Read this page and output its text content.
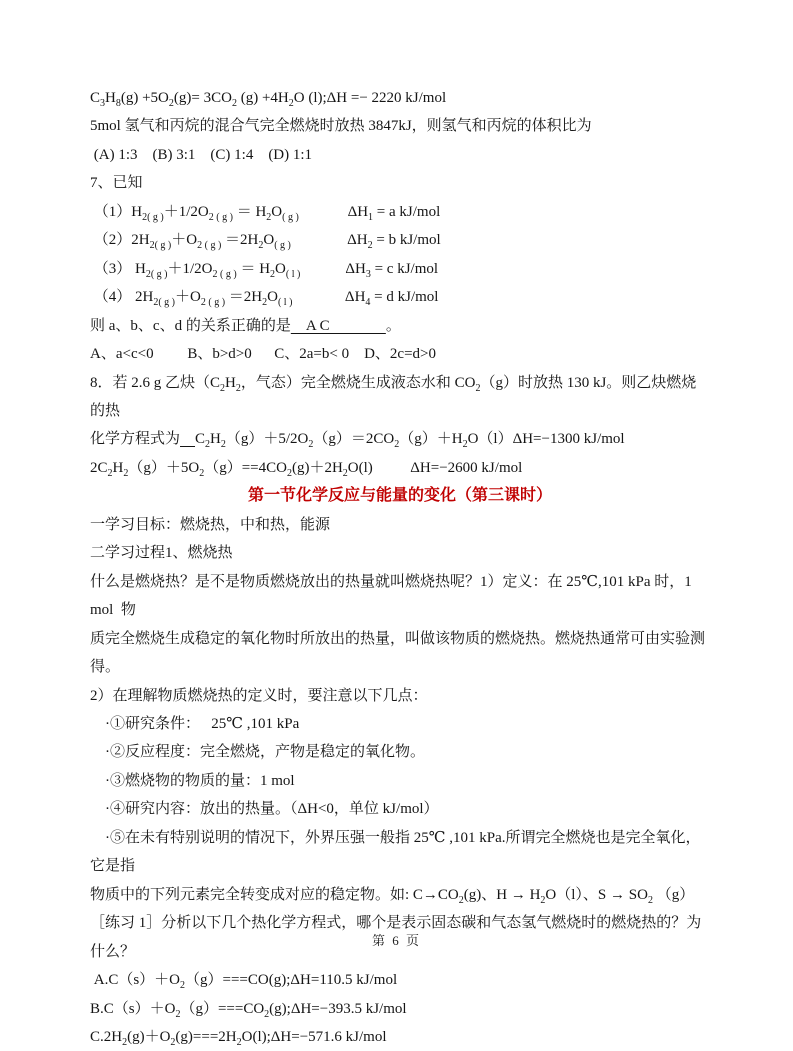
$C_3H_8(g) +5O_2(g)= 3CO_2$ $(g) +4H_2O$ (l);ΔH =− 2220 kJ/mol
5mol 氢气和丙烷的混合气完全燃烧时放热 3847kJ，则氢气和丙烷的体积比为
(A) 1:3    (B) 3:1    (C) 1:4    (D) 1:1
7、已知
$(1)H_{2( g )}+1/2O_{2 ( g )} = H_2O_{( g )}$             $\Delta H_1 = a$ kJ/mol
$(2)2H_{2( g )}+O_{2 ( g )} =2H_2O_{( g )}$               $\Delta H_2 = b$ kJ/mol
（3） $H_{2( g )}+1/2O_{2 ( g )} = H_2O_{( l )}$            $\Delta H_3 = c$ kJ/mol
（4） $2H_{2( g )}+O_{2 ( g )} =2H_2O_{( l )}$              $\Delta H_4 = d$ kJ/mol
则 a、b、c、d 的关系正确的是    A C               。
A、a<c<0         B、b>d>0      C、2a=b< 0    D、2c=d>0
8．若 2.6 g 乙炔（$C_2H_2$，气态）完全燃烧生成液态水和 $CO_2(g)$时放热 130 kJ。则乙炔燃烧的热
化学方程式为 $C_2H_2(g)+5/2O_2(g)=2CO_2(g)+H_2O(l)\Delta H=-1300$ kJ/mol
$2C_2H_2(g)+5O_2(g)==4CO_2(g)+2H_2O(l)$          ΔH=−2600 kJ/mol
第一节化学反应与能量的变化（第三课时）
一学习目标：燃烧热，中和热，能源
二学习过程1、燃烧热
什么是燃烧热？是不是物质燃烧放出的热量就叫燃烧热呢？1）定义：在 25℃,101 kPa 时，1 mol  物
质完全燃烧生成稳定的氧化物时所放出的热量，叫做该物质的燃烧热。燃烧热通常可由实验测得。
2）在理解物质燃烧热的定义时，要注意以下几点：
·①研究条件：   25℃ ,101 kPa
·②反应程度：完全燃烧，产物是稳定的氧化物。
·③燃烧物的物质的量：1 mol
·④研究内容：放出的热量。（ΔH<0，单位 kJ/mol）
·⑤在未有特别说明的情况下，外界压强一般指 25℃ ,101 kPa.所谓完全燃烧也是完全氧化，它是指
物质中的下列元素完全转变成对应的稳定物。如: $C\to CO_2(g)$、$H \to H_2O(l)$、$S \to SO_2$ （g）
［练习 1］分析以下几个热化学方程式，哪个是表示固态碳和气态氢气燃烧时的燃烧热的？为什么？
$A.C(s)+O_2(g)===CO(g);\Delta H=110.5$ kJ/mol
$B.C(s)+O_2(g)===CO_2(g);\Delta H=-393.5$ kJ/mol
$C.2H_2(g)+O_2(g)===2H_2O(l);\Delta H=-571.6$ kJ/mol
第 6 页
